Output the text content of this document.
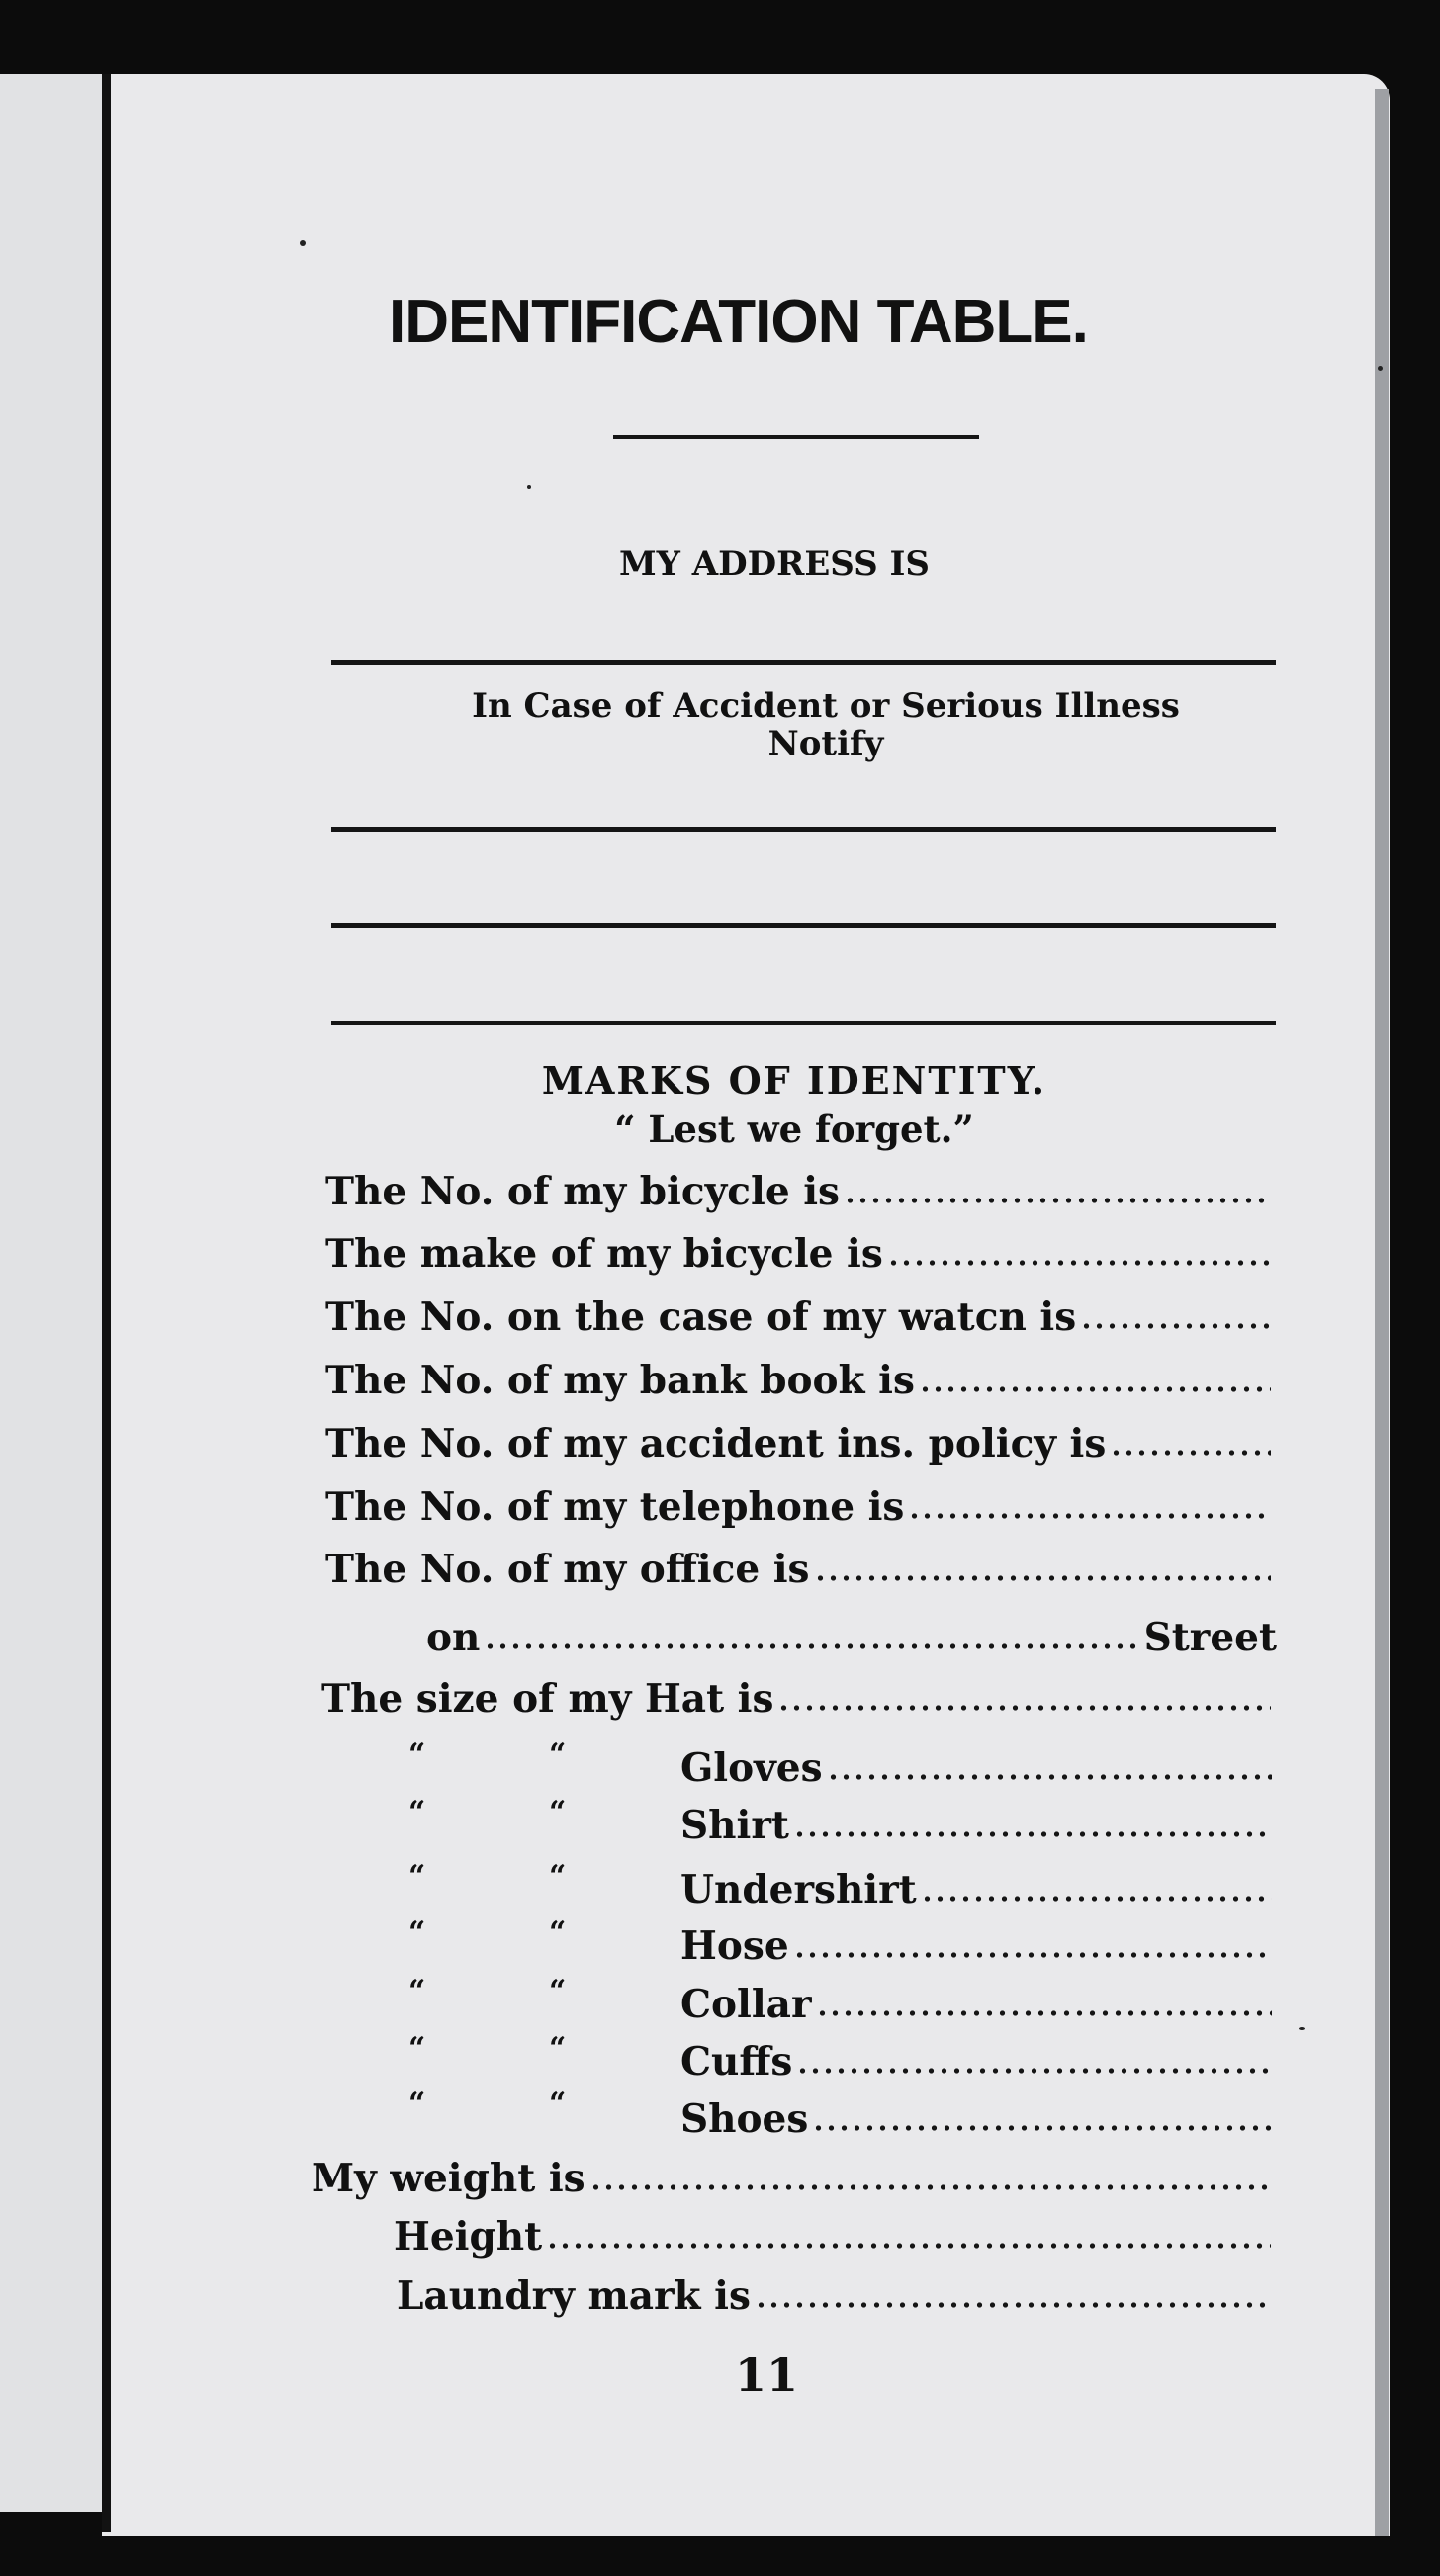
IDENTIFICATION TABLE.
MY ADDRESS IS
In Case of Accident or Serious Illness
Notify
MARKS OF IDENTITY.
“ Lest we forget.”
The No. of my bicycle is
The make of my bicycle is
The No. on the case of my watcn is
The No. of my bank book is
The No. of my accident ins. policy is
The No. of my telephone is
The No. of my office is
on	Street
The size of my Hat is
“	“	Gloves
“	“	Shirt
“	“	Undershirt
“	“	Hose
“	“	Collar
“	“	Cuffs
“	“	Shoes
My weight is
Height
Laundry mark is
11
